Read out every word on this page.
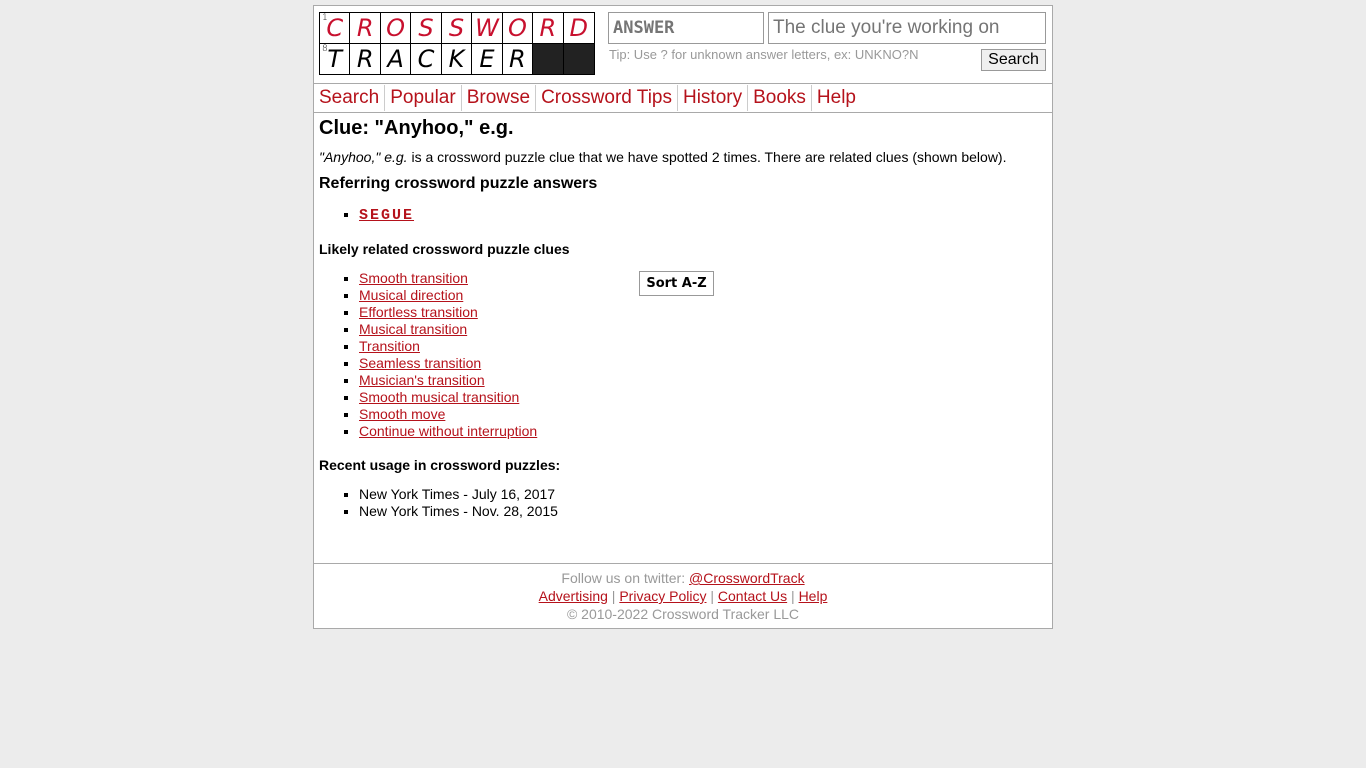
1
C R O S S W O R D
8 T R A C K E R
ANSWER
The clue you're working on	Tip: Use ? for unknown answer letters, ex: UNKNO?N	Search
Search Popular Browse Crossword Tips History Books Help
Clue: "Anyhoo," e.g.

"Anyhoo," e.g. is a crossword puzzle clue that we have spotted 2 times. There are related clues (shown below).

Referring crossword puzzle answers
▪ SEGUE
Likely related crossword puzzle clues
▪ Smooth transition
▪ Musical direction
▪ Effortless transition
▪ Musical transition
▪ Transition
▪ Seamless transition
▪ Musician's transition
▪ Smooth musical transition
▪ Smooth move
▪ Continue without interruption
Sort A-Z
Recent usage in crossword puzzles:
▪ New York Times - July 16, 2017
▪ New York Times - Nov. 28, 2015
Follow us on twitter: @CrosswordTrack
Advertising | Privacy Policy | Contact Us | Help
© 2010-2022 Crossword Tracker LLC
